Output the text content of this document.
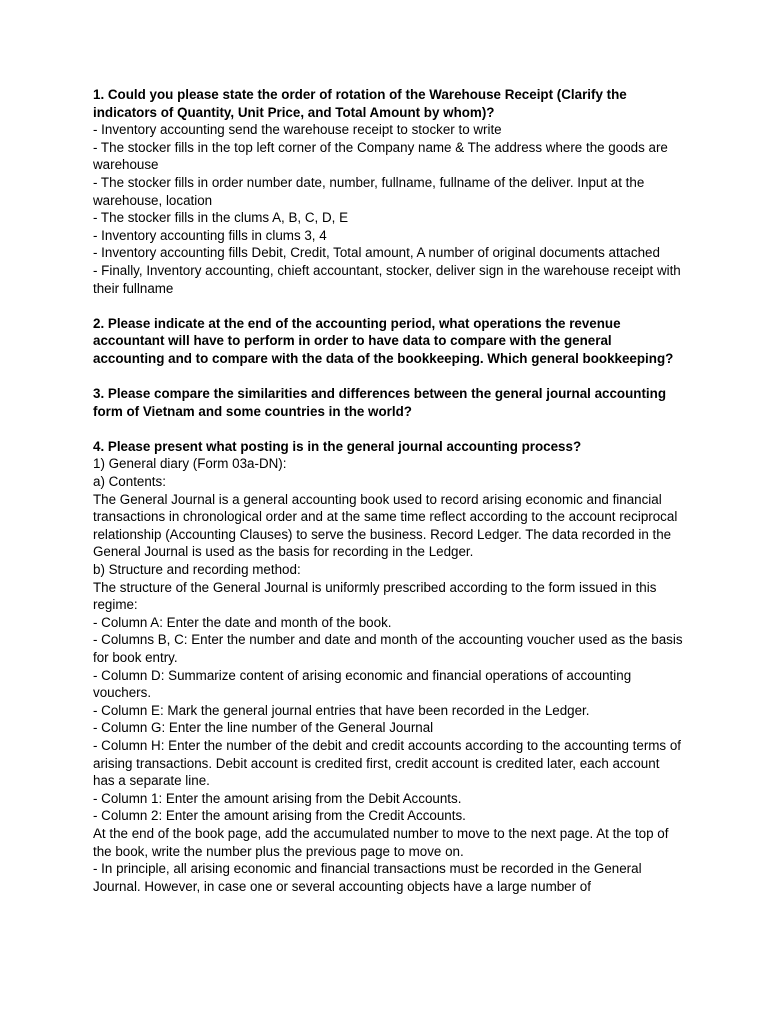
1. Could you please state the order of rotation of the Warehouse Receipt (Clarify the indicators of Quantity, Unit Price, and Total Amount by whom)?

- Inventory accounting send the warehouse receipt to stocker to write

- The stocker fills in the top left corner of the Company name & The address where the goods are warehouse

- The stocker fills in order number date, number, fullname, fullname of the deliver. Input at the warehouse, location

- The stocker fills in the clums A, B, C, D, E

- Inventory accounting fills in clums 3, 4

- Inventory accounting fills Debit, Credit, Total amount, A number of original documents attached

- Finally, Inventory accounting, chieft accountant, stocker, deliver sign in the warehouse receipt with their fullname

2. Please indicate at the end of the accounting period, what operations the revenue accountant will have to perform in order to have data to compare with the general accounting and to compare with the data of the bookkeeping. Which general bookkeeping?

3. Please compare the similarities and differences between the general journal accounting form of Vietnam and some countries in the world?

4. Please present what posting is in the general journal accounting process?

1) General diary (Form 03a-DN):

a) Contents:

The General Journal is a general accounting book used to record arising economic and financial transactions in chronological order and at the same time reflect according to the account reciprocal relationship (Accounting Clauses) to serve the business. Record Ledger. The data recorded in the General Journal is used as the basis for recording in the Ledger.

b) Structure and recording method:

The structure of the General Journal is uniformly prescribed according to the form issued in this regime:

- Column A: Enter the date and month of the book.

- Columns B, C: Enter the number and date and month of the accounting voucher used as the basis for book entry.

- Column D: Summarize content of arising economic and financial operations of accounting vouchers.

- Column E: Mark the general journal entries that have been recorded in the Ledger.

- Column G: Enter the line number of the General Journal

- Column H: Enter the number of the debit and credit accounts according to the accounting terms of arising transactions. Debit account is credited first, credit account is credited later, each account has a separate line.

- Column 1: Enter the amount arising from the Debit Accounts.

- Column 2: Enter the amount arising from the Credit Accounts.

At the end of the book page, add the accumulated number to move to the next page. At the top of the book, write the number plus the previous page to move on.

- In principle, all arising economic and financial transactions must be recorded in the General Journal. However, in case one or several accounting objects have a large number of
